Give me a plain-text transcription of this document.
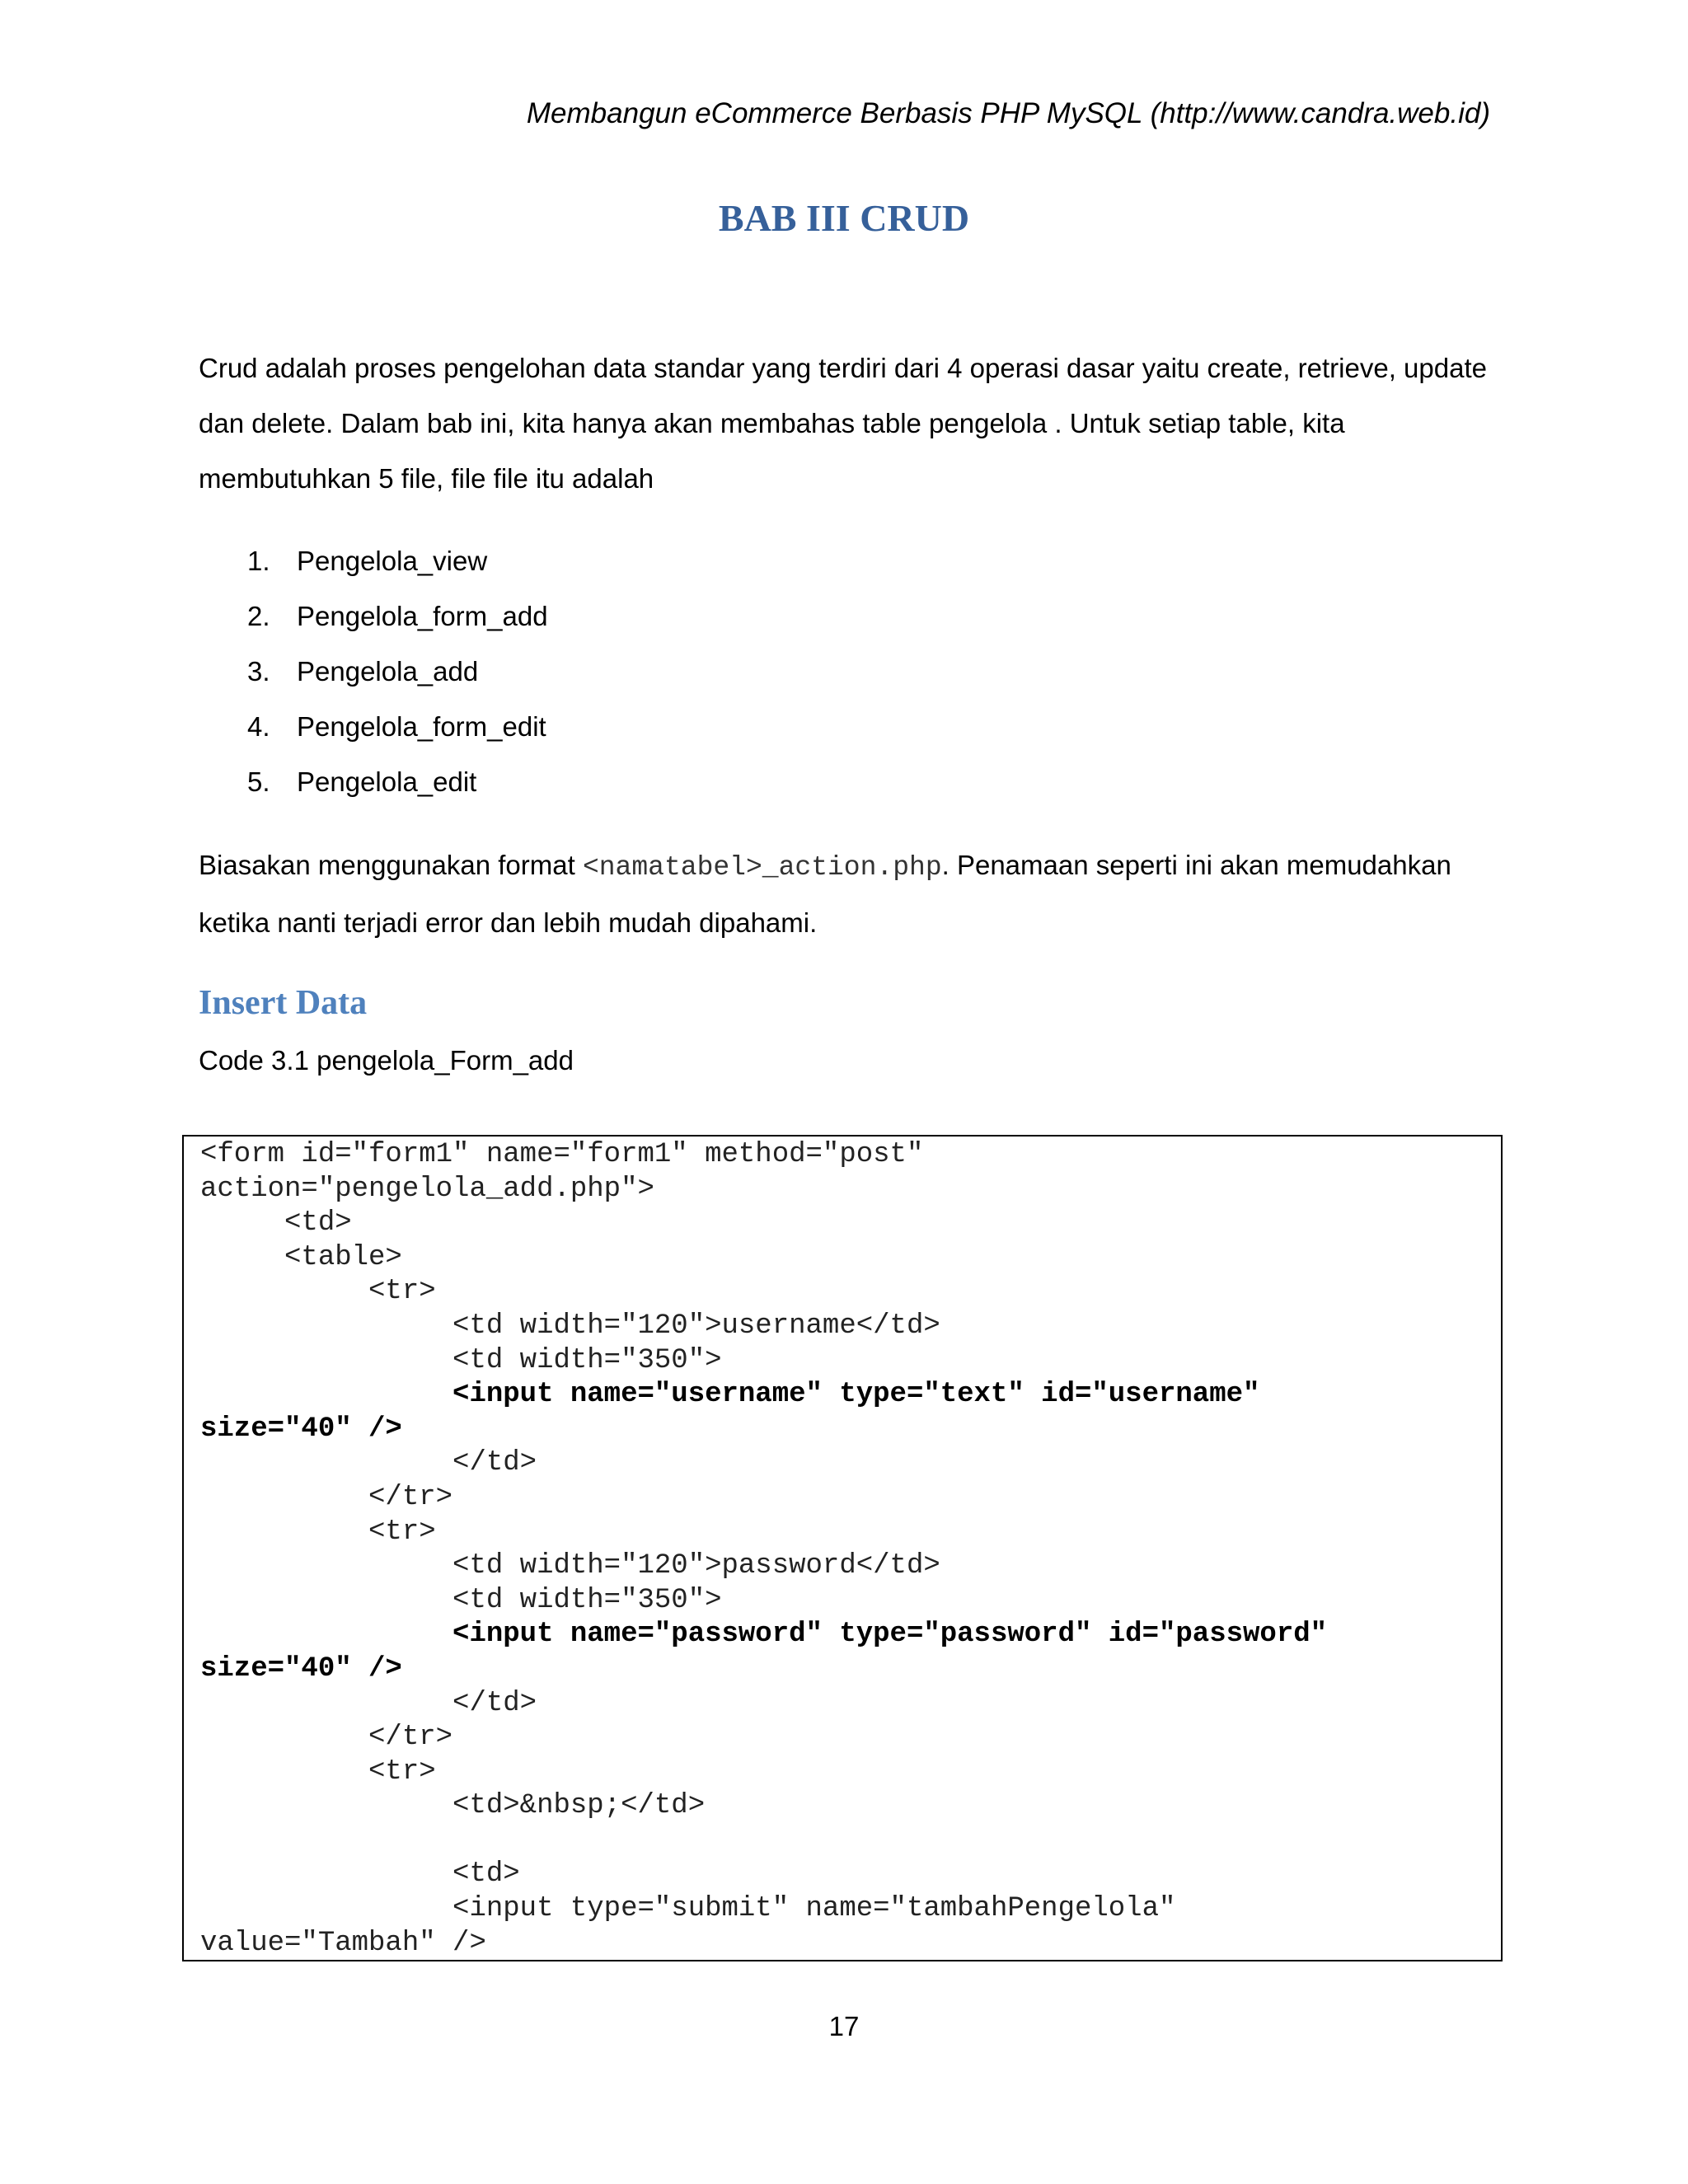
Membangun eCommerce Berbasis PHP MySQL (http://www.candra.web.id)
BAB III CRUD

Crud adalah proses pengelohan data standar yang terdiri dari 4 operasi dasar yaitu create, retrieve, update dan delete. Dalam bab ini, kita hanya akan membahas table pengelola . Untuk setiap table, kita membutuhkan 5 file, file file itu adalah

1. Pengelola_view
2. Pengelola_form_add
3. Pengelola_add
4. Pengelola_form_edit
5. Pengelola_edit

Biasakan menggunakan format <namatabel>_action.php. Penamaan seperti ini akan memudahkan ketika nanti terjadi error dan lebih mudah dipahami.

Insert Data
Code 3.1 pengelola_Form_add
<form id="form1" name="form1" method="post"
action="pengelola_add.php">
<td>
<table>
<tr>
<td width="120">username</td>
<td width="350">
<input name="username" type="text" id="username"
size="40" />
</td>
</tr>
<tr>
<td width="120">password</td>
<td width="350">
<input name="password" type="password" id="password"
size="40" />
</td>
</tr>
<tr>
<td>&nbsp;</td>
<td>
<input type="submit" name="tambahPengelola"
value="Tambah" />
17
